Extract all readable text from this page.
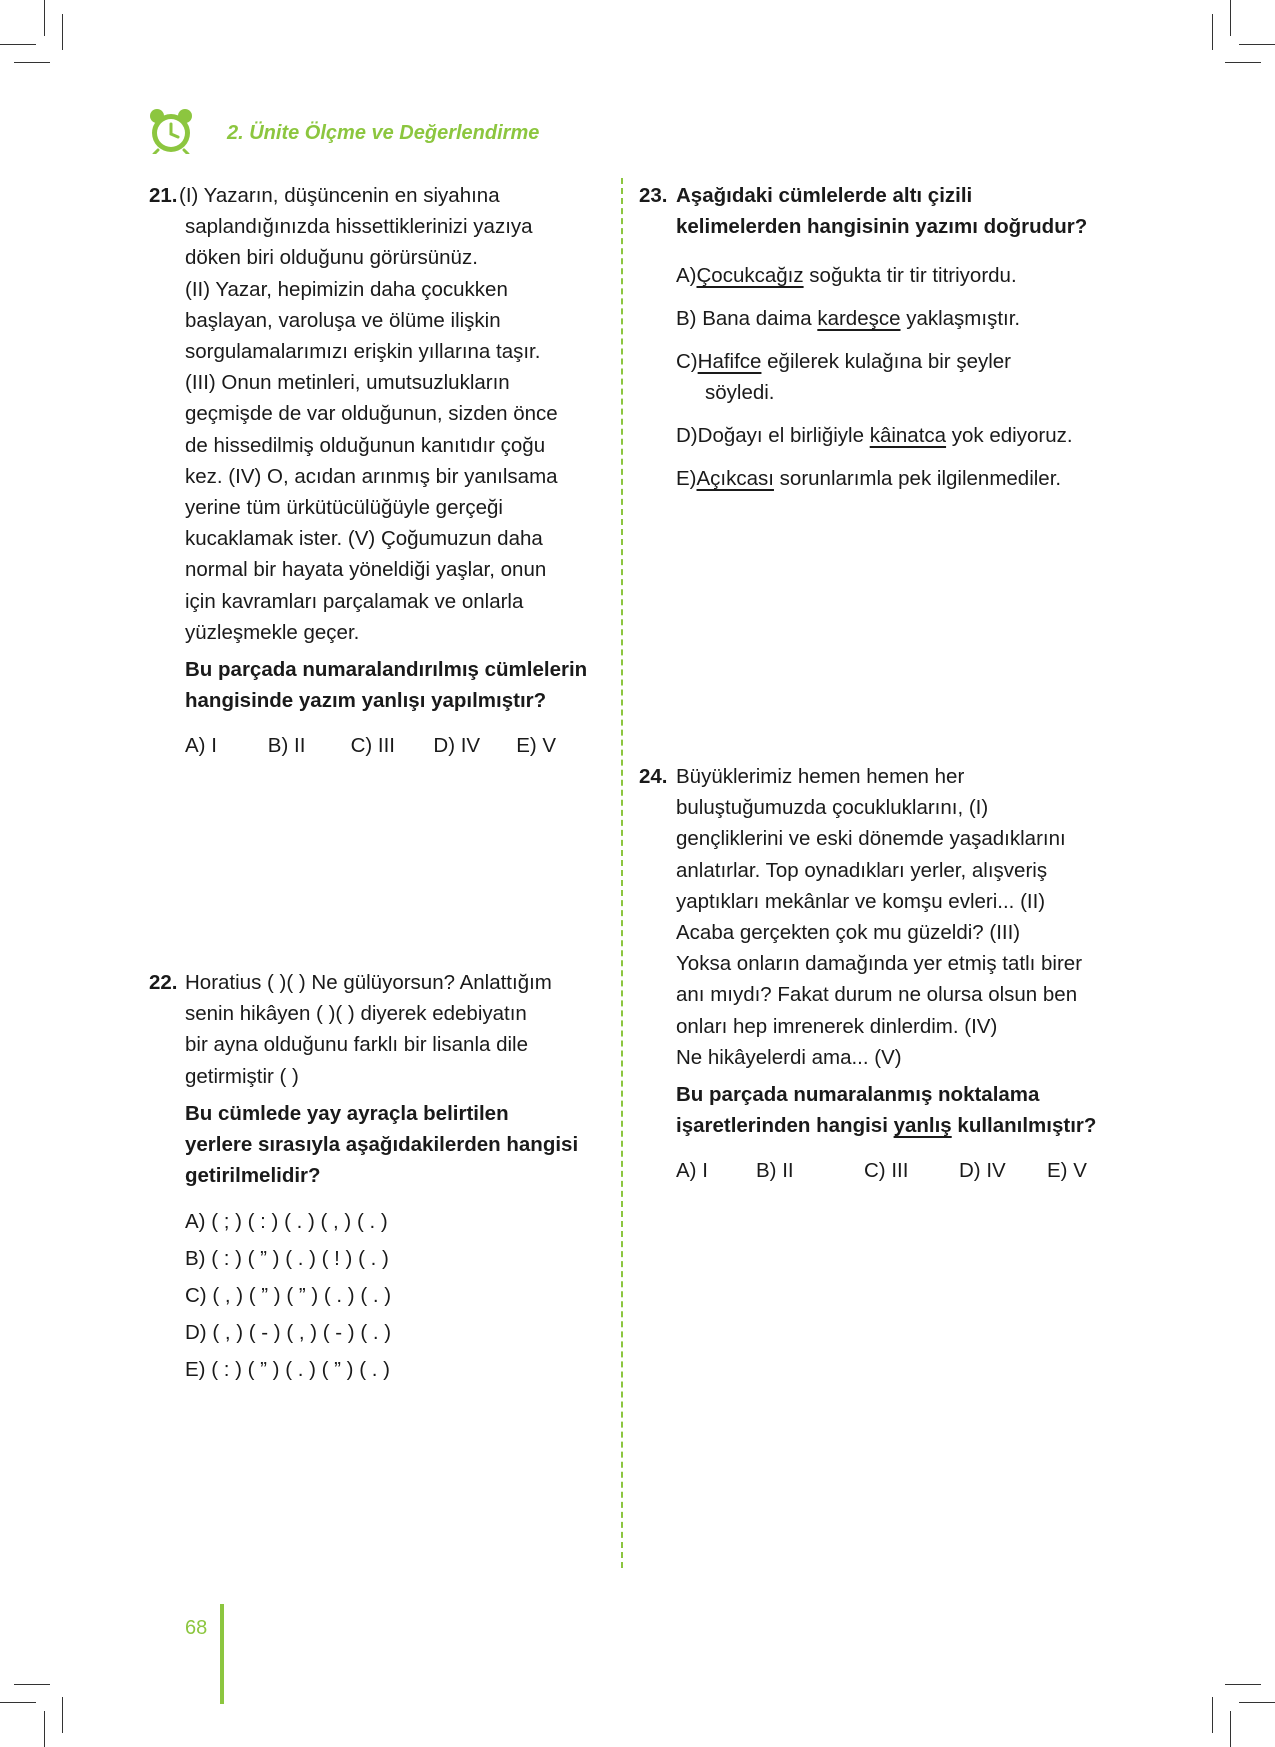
2. Ünite Ölçme ve Değerlendirme
21. (I) Yazarın, düşüncenin en siyahına
saplandığınızda hissettiklerinizi yazıya
döken biri olduğunu görürsünüz.
(II) Yazar, hepimizin daha çocukken
başlayan, varoluşa ve ölüme ilişkin
sorgulamalarımızı erişkin yıllarına taşır.
(III) Onun metinleri, umutsuzlukların
geçmişde de var olduğunun, sizden önce
de hissedilmiş olduğunun kanıtıdır çoğu
kez. (IV) O, acıdan arınmış bir yanılsama
yerine tüm ürkütücülüğüyle gerçeği
kucaklamak ister. (V) Çoğumuzun daha
normal bir hayata yöneldiği yaşlar, onun
için kavramları parçalamak ve onlarla
yüzleşmekle geçer.
Bu parçada numaralandırılmış cümlelerin
hangisinde yazım yanlışı yapılmıştır?
A) I	B) II	C) III	D) IV	E) V
22. Horatius ( )( ) Ne gülüyorsun? Anlattığım
senin hikâyen ( )( ) diyerek edebiyatın
bir ayna olduğunu farklı bir lisanla dile
getirmiştir ( )
Bu cümlede yay ayraçla belirtilen
yerlere sırasıyla aşağıdakilerden hangisi
getirilmelidir?
A) ( ; ) ( : ) ( . ) ( , ) ( . )
B) ( : ) ( ” ) ( . ) ( ! ) ( . )
C) ( , ) ( ” ) ( ” ) ( . ) ( . )
D) ( , ) ( - ) ( , ) ( - ) ( . )
E) ( : ) ( ” ) ( . ) ( ” ) ( . )
23. Aşağıdaki cümlelerde altı çizili
kelimelerden hangisinin yazımı doğrudur?
A)Çocukcağız soğukta tir tir titriyordu.
B) Bana daima kardeşce yaklaşmıştır.
C)Hafifce eğilerek kulağına bir şeyler
söyledi.
D)Doğayı el birliğiyle kâinatca yok ediyoruz.
E)Açıkcası sorunlarımla pek ilgilenmediler.
24. Büyüklerimiz hemen hemen her
buluştuğumuzda çocukluklarını, (I)
gençliklerini ve eski dönemde yaşadıklarını
anlatırlar. Top oynadıkları yerler, alışveriş
yaptıkları mekânlar ve komşu evleri... (II)
Acaba gerçekten çok mu güzeldi? (III)
Yoksa onların damağında yer etmiş tatlı birer
anı mıydı? Fakat durum ne olursa olsun ben
onları hep imrenerek dinlerdim. (IV)
Ne hikâyelerdi ama... (V)
Bu parçada numaralanmış noktalama
işaretlerinden hangisi yanlış kullanılmıştır?
A) I	B) II	C) III	D) IV	E) V
68
